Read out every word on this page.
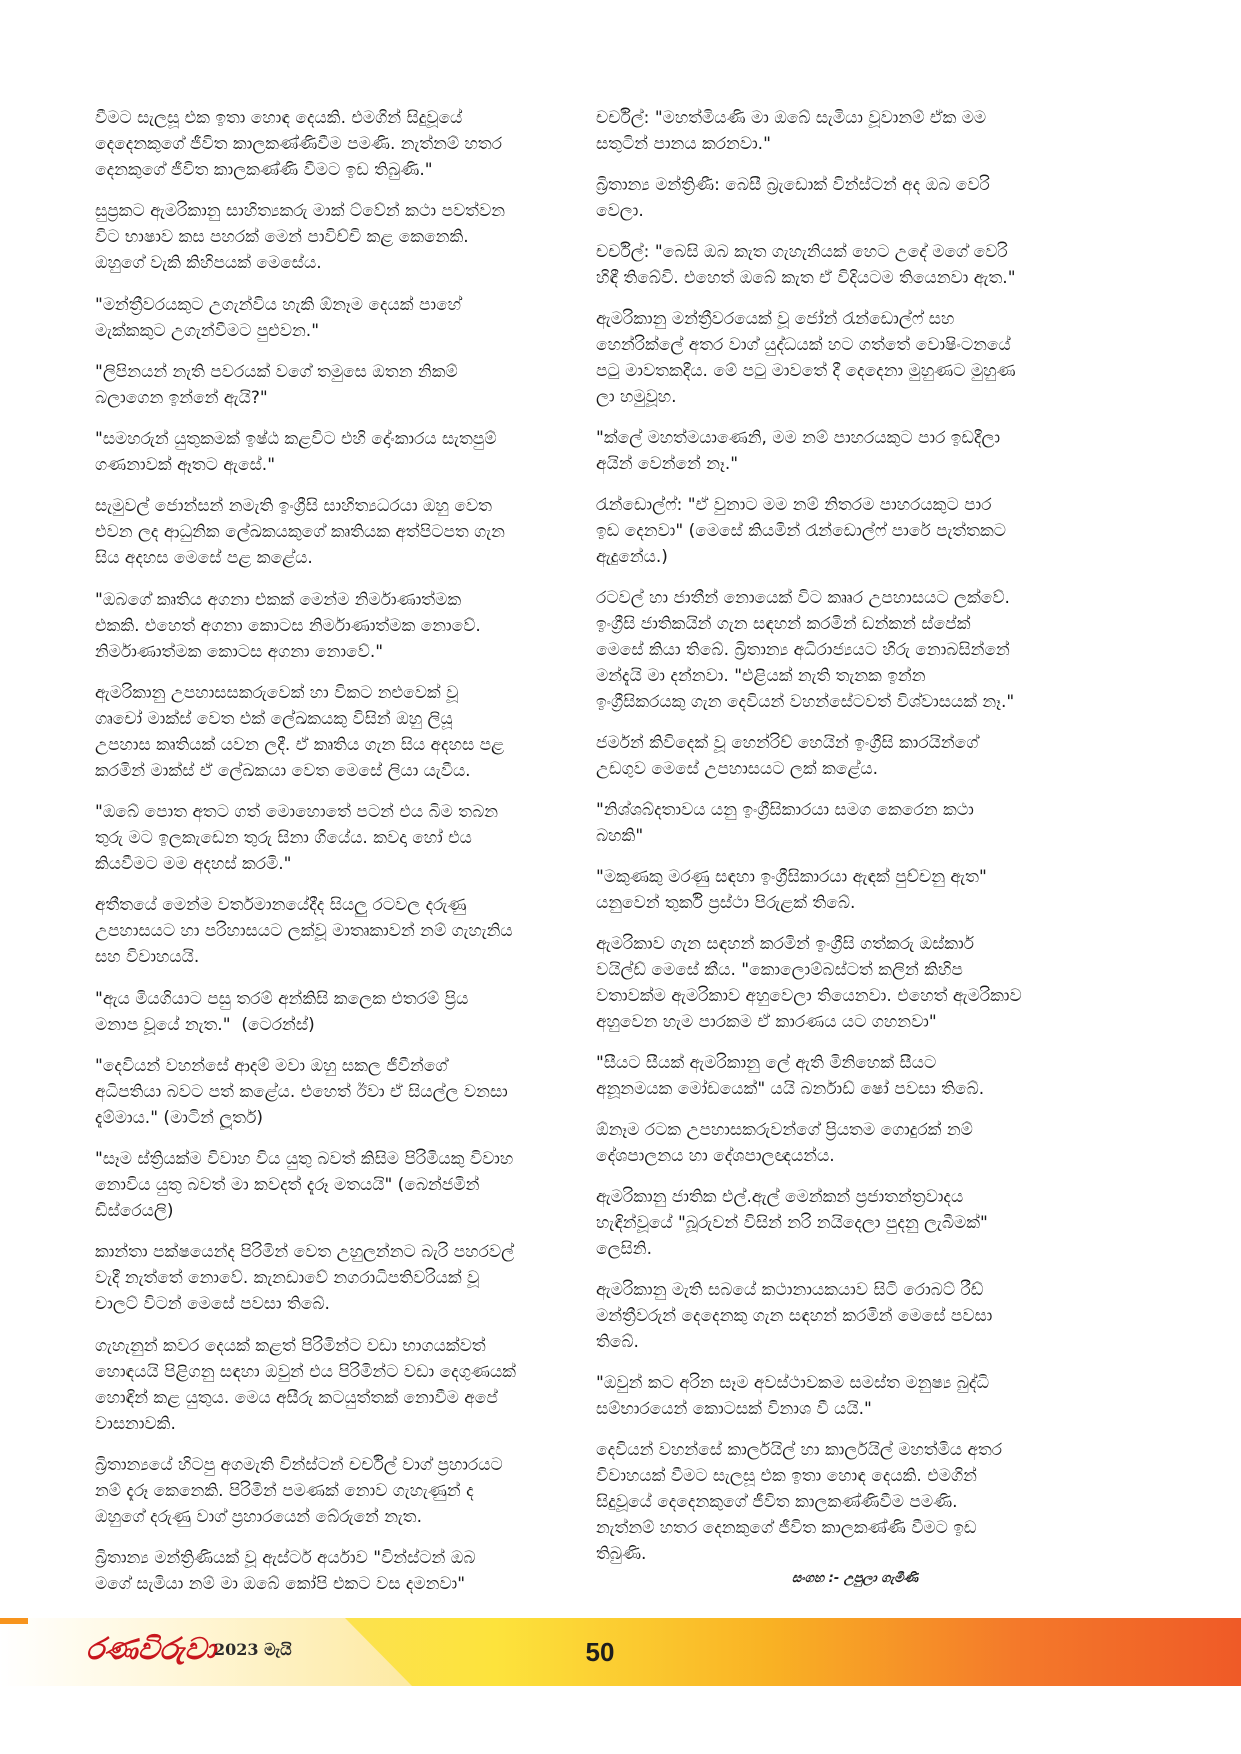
වීමට සැලසූ එක ඉතා හොඳ දෙයකි. එමගින් සිදුවූයේ
දෙදෙනකුගේ ජීවිත කාලකණ්ණිවීම පමණි. නැත්නම් හතර
දෙනකුගේ ජීවිත කාලකණ්ණි වීමට ඉඩ තිබුණි."

සුප්‍රකට ඇමරිකානු සාහිත්‍යකරු මාක් ට්වේන් කථා පවත්වන
විට භාෂාව කස පහරක් මෙන් පාවිච්චි කළ කෙනෙකි.
ඔහුගේ වැකි කිහිපයක් මෙසේය.

"මන්ත්‍රීවරයකුට උගැන්විය හැකි ඕනෑම දෙයක් පාහේ
මැක්කකුට උගැන්වීමට පුළුවන."

"ලිපිනයන් නැති පවරයක් වගේ තමුසෙ ඔතන නිකම්
බලාගෙන ඉන්නේ ඇයි?"

"සමහරුන් යුතුකමක් ඉෂ්ඨ කළවිට එහි දෝංකාරය සැතපුම්
ගණනාවක් ඈතට ඇසේ."

සැමුවල් ජොන්සන් නමැති ඉංග්‍රීසි සාහිත්‍යධරයා ඔහු වෙත
එවන ලද ආධුනික ලේඛකයකුගේ කෘතියක අත්පිටපත ගැන
සිය අදහස මෙසේ පළ කළේය.

"ඔබගේ කෘතිය අගනා එකක් මෙන්ම නිර්මාණාත්මක
එකකි. එහෙත් අගනා කොටස නිර්මාණාත්මක නොවේ.
නිර්මාණාත්මක කොටස අගනා නොවේ."

ඇමරිකානු උපහාසසකරුවෙක් හා විකට නළුවෙක් වූ
ග්‍රුචෝ මාක්ස් වෙත එක් ලේඛකයකු විසින් ඔහු ලියූ
උපහාස කෘතියක් යවන ලදී. ඒ කෘතිය ගැන සිය අදහස පළ
කරමින් මාක්ස් ඒ ලේඛකයා වෙත මෙසේ ලියා යැවීය.

"ඔබේ පොත අතට ගත් මොහොතේ පටන් එය බිම තබන
තුරු මට ඉලකැඩෙන තුරු සිනා ගියේය. කවදා හෝ එය
කියවීමට මම අදහස් කරමි."

අතීතයේ මෙන්ම වර්තමානයේදීද සියලු රටවල දරුණු
උපහාසයට හා පරිහාසයට ලක්වූ මාතෘකාවන් නම් ගැහැනිය
සහ විවාහයයි.

"ඇය මියගියාට පසු තරම් අන්කිසි කලෙක එතරම් ප්‍රිය
මනාප වූයේ නැත."  (ටෙරන්ස්)

"දෙවියන් වහන්සේ ආදම් මවා ඔහු සකල ජීවීන්ගේ
අධිපතියා බවට පත් කළේය. එහෙත් ඊවා ඒ සියල්ල වනසා
දැම්මාය." (මාටින් ලූතර්)

"සෑම ස්ත්‍රියක්ම විවාහ විය යුතු බවත් කිසිම පිරිමියකු විවාහ
නොවිය යුතු බවත් මා කවදත් දැරූ මතයයි" (බෙන්ජමින්
ඩිස්රෙයලි)

කාන්තා පක්ෂයෙන්ද පිරිමින් වෙත උහුලන්නට බැරි පහරවල්
වැදී නැත්තේ නොවේ. කැනඩාවේ නගරාධිපතිවරියක් වූ
චාලට් විටන් මෙසේ පවසා තිබේ.

ගැහැනුන් කවර දෙයක් කළත් පිරිමින්ට වඩා භාගයක්වත්
හොඳයයි පිළිගනු සඳහා ඔවුන් එය පිරිමින්ට වඩා දෙගුණයක්
හොඳින් කළ යුතුය. මෙය අසීරු කටයුත්තක් නොවීම අපේ
වාසනාවකි.

බ්‍රිතාන්‍යයේ හිටපු අගමැති වින්ස්ටන් චර්චිල් වාග් ප්‍රහාරයට
නම් දැරූ කෙනෙකි. පිරිමින් පමණක් නොව ගැහැණුන් ද
ඔහුගේ දරුණු වාග් ප්‍රහාරයෙන් බේරුනේ නැත.

බ්‍රිතාන්‍ය මන්ත්‍රිණියක් වූ ඇස්ටර් අර්යාව "වින්ස්ටන් ඔබ
මගේ සැමියා නම් මා ඔබේ කෝපි එකට වස දමනවා"

චර්චිල්: "මහත්මියණි මා ඔබේ සැමියා වූවානම් ඒක මම
සතුටින් පානය කරනවා."

බ්‍රිතාන්‍ය මන්ත්‍රිණී: බෙසී බ්‍රැඩොක් වින්ස්ටන් අද ඔබ වෙරි
වෙලා.

චර්චිල්: "බෙසි ඔබ කැත ගැහැනියක් හෙට උදේ මගේ වෙරි
හිඳී තිබේවි. එහෙත් ඔබේ කැත ඒ විදියටම තියෙනවා ඇත."

ඇමරිකානු මන්ත්‍රීවරයෙක් වූ ජෝන් රැන්ඩොල්ෆ් සහ
හෙන්රික්ලේ අතර වාග් යුද්ධයක් හට ගත්තේ වොෂිංටනයේ
පටු මාවතකදීය. මේ පටු මාවතේ දී දෙදෙනා මුහුණට මුහුණ
ලා හමුවූහ.

"ක්ලේ මහත්මයාණෙනි, මම නම් පාහරයකුට පාර ඉඩදීලා
අයින් වෙන්නේ නෑ."

රැන්ඩොල්ෆ්: "ඒ වුනාට මම නම් නිතරම පාහරයකුට පාර
ඉඩ දෙනවා" (මෙසේ කියමින් රැන්ඩොල්ෆ් පාරේ පැත්තකට
ඇදුනේය.)

රටවල් හා ජාතීන් නොයෙක් විට කෲර උපහාසයට ලක්වේ.
ඉංග්‍රීසි ජාතිකයින් ගැන සඳහන් කරමින් ඩන්කන් ස්පේක්
මෙසේ කියා තිබේ. බ්‍රිතාන්‍ය අධිරාජ්‍යයට හිරු නොබසින්නේ
මන්දැයි මා දන්නවා. "එළියක් නැති තැනක ඉන්න
ඉංග්‍රීසිකරයකු ගැන දෙවියන් වහන්සේටවත් විශ්වාසයක් නෑ."

ජර්මන් කිවිදෙක් වූ හෙන්රිච් හෙයින් ඉංග්‍රීසි කාරයින්ගේ
උඩගුව මෙසේ උපහාසයට ලක් කළේය.

"නිශ්ශබ්දතාවය යනු ඉංග්‍රීසිකාරයා සමග කෙරෙන කථා
බහකි"

"මකුණකු මරණු සඳහා ඉංග්‍රීසිකාරයා ඇඳක් පුච්චනු ඇත"
යනුවෙන් තුර්කි ප්‍රස්ථා පිරුළක් තිබේ.

ඇමරිකාව ගැන සඳහන් කරමින් ඉංග්‍රීසි ගත්කරු ඔස්කාර්
වයිල්ඩ් මෙසේ කීය. "කොලොම්බස්ටත් කලින් කිහිප
වතාවක්ම ඇමරිකාව අහුවෙලා තියෙනවා. එහෙත් ඇමරිකාව
අහුවෙන හැම පාරකම ඒ කාරණය යට ගහනවා"

"සීයට සීයක් ඇමරිකානු ලේ ඇති මිනිහෙක් සීයට
අනූනමයක මෝඩයෙක්" යයි බර්නාඩ් ෂෝ පවසා තිබේ.

ඕනෑම රටක උපහාසකරුවන්ගේ ප්‍රියතම ගොදුරක් නම්
දේශපාලනය හා දේශපාලඥයන්ය.

ඇමරිකානු ජාතික එල්.ඇල් මෙන්කන් ප්‍රජාතන්ත්‍රවාදය
හැඳින්වූයේ "බූරුවන් විසින් නරි නයිදෙලා පුදනු ලැබීමක්"
ලෙසිනි.

ඇමරිකානු මැති සබයේ කථානායකයාව සිටි රොබට් රීඩ්
මන්ත්‍රීවරුන් දෙදෙනකු ගැන සඳහන් කරමින් මෙසේ පවසා
තිබේ.

"ඔවුන් කට අරින සෑම අවස්ථාවකම සමස්ත මනුෂ්‍ය බුද්ධි
සම්භාරයෙන් කොටසක් විනාශ වී යයි."

දෙවියන් වහන්සේ කාර්ලයිල් හා කාර්ලයිල් මහත්මිය අතර
විවාහයක් වීමට සැලසූ එක ඉතා හොඳ දෙයකි. එමගින්
සිදුවූයේ දෙදෙනකුගේ ජීවිත කාලකණ්ණිවීම පමණි.
නැත්නම් හතර දෙනකුගේ ජීවිත කාලකණ්ණි වීමට ඉඩ
තිබුණි.

සංගහ :- උපුලා ගැමීණි
රණවිරුවා
2023 මැයි	50
